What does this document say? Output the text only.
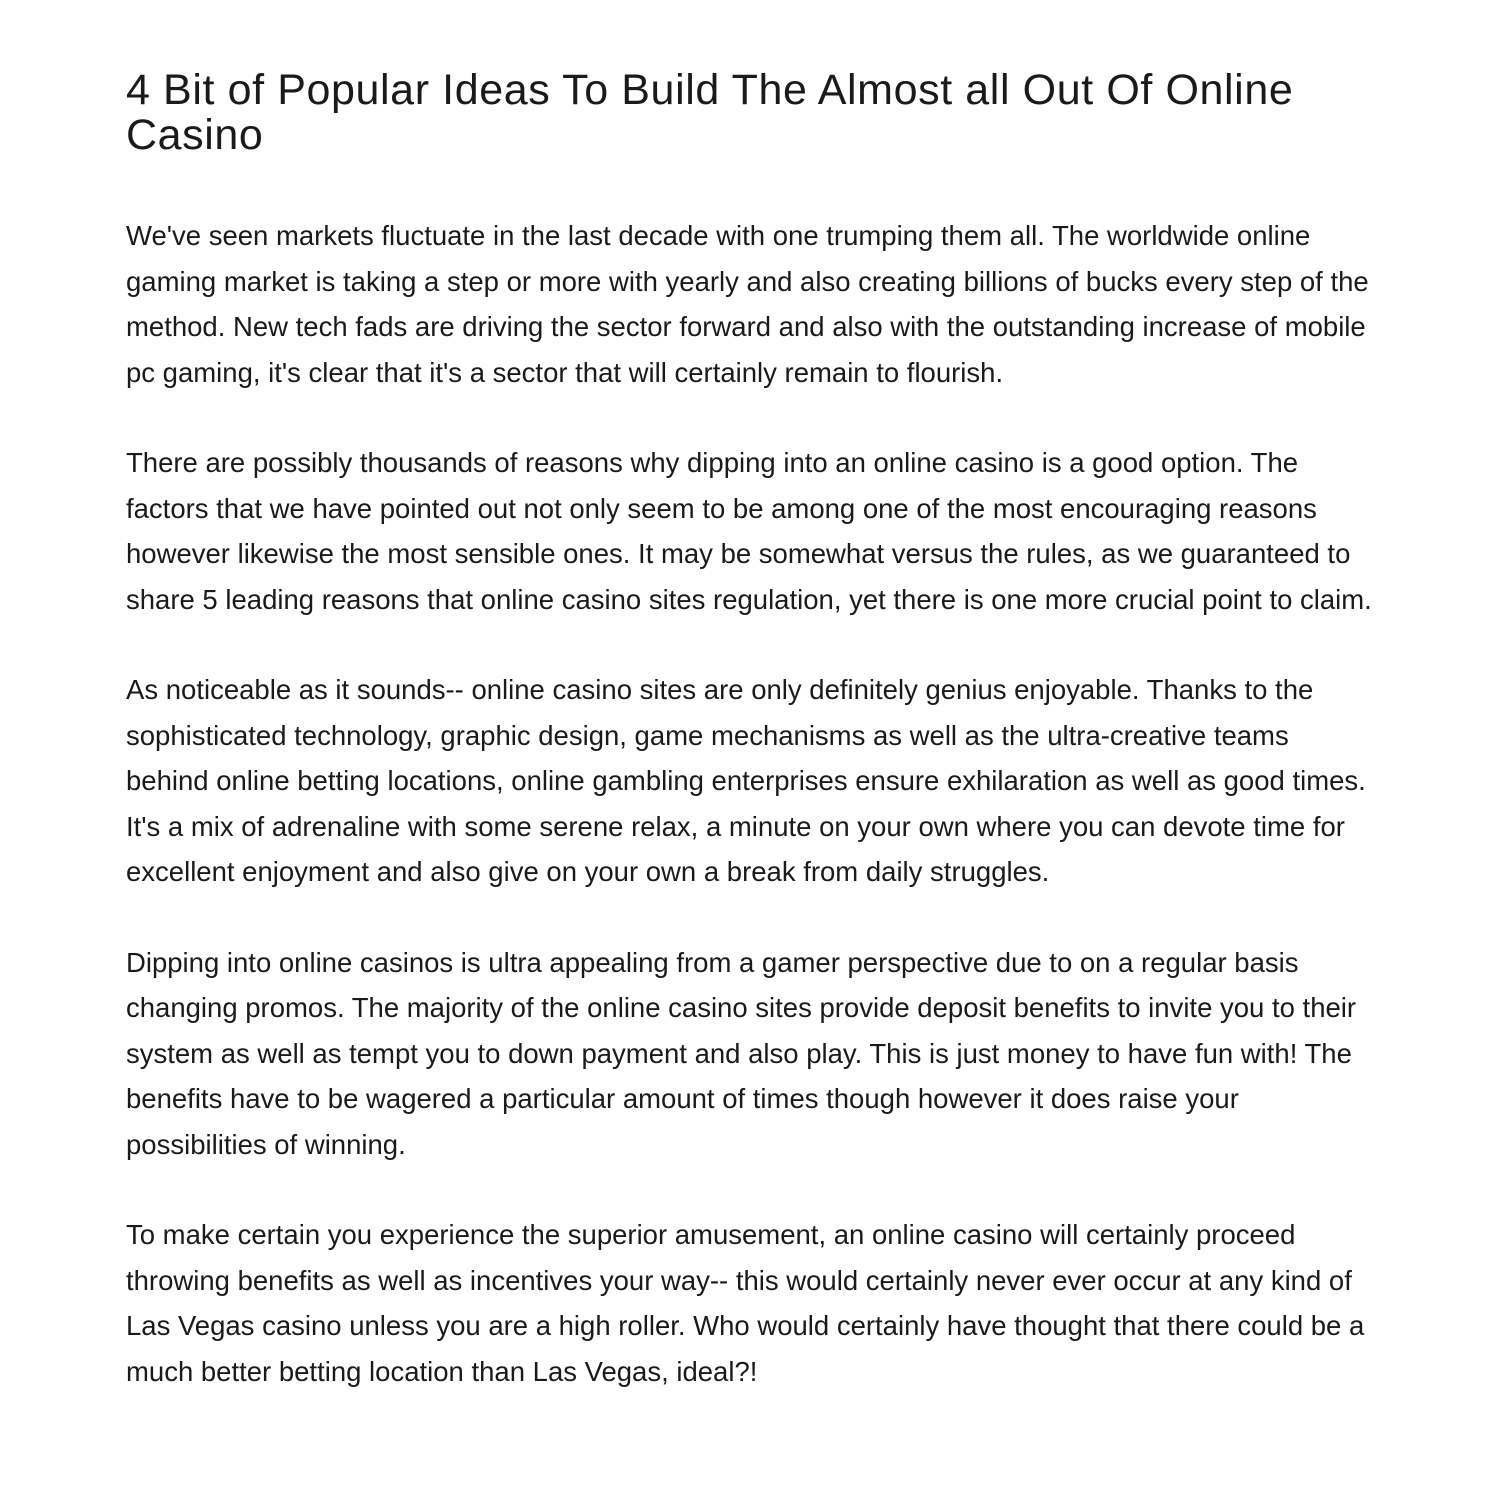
4 Bit of Popular Ideas To Build The Almost all Out Of Online Casino

We've seen markets fluctuate in the last decade with one trumping them all. The worldwide online gaming market is taking a step or more with yearly and also creating billions of bucks every step of the method. New tech fads are driving the sector forward and also with the outstanding increase of mobile pc gaming, it's clear that it's a sector that will certainly remain to flourish.

There are possibly thousands of reasons why dipping into an online casino is a good option. The factors that we have pointed out not only seem to be among one of the most encouraging reasons however likewise the most sensible ones. It may be somewhat versus the rules, as we guaranteed to share 5 leading reasons that online casino sites regulation, yet there is one more crucial point to claim.

As noticeable as it sounds-- online casino sites are only definitely genius enjoyable. Thanks to the sophisticated technology, graphic design, game mechanisms as well as the ultra-creative teams behind online betting locations, online gambling enterprises ensure exhilaration as well as good times. It's a mix of adrenaline with some serene relax, a minute on your own where you can devote time for excellent enjoyment and also give on your own a break from daily struggles.

Dipping into online casinos is ultra appealing from a gamer perspective due to on a regular basis changing promos. The majority of the online casino sites provide deposit benefits to invite you to their system as well as tempt you to down payment and also play. This is just money to have fun with! The benefits have to be wagered a particular amount of times though however it does raise your possibilities of winning.

To make certain you experience the superior amusement, an online casino will certainly proceed throwing benefits as well as incentives your way-- this would certainly never ever occur at any kind of Las Vegas casino unless you are a high roller. Who would certainly have thought that there could be a much better betting location than Las Vegas, ideal?!
